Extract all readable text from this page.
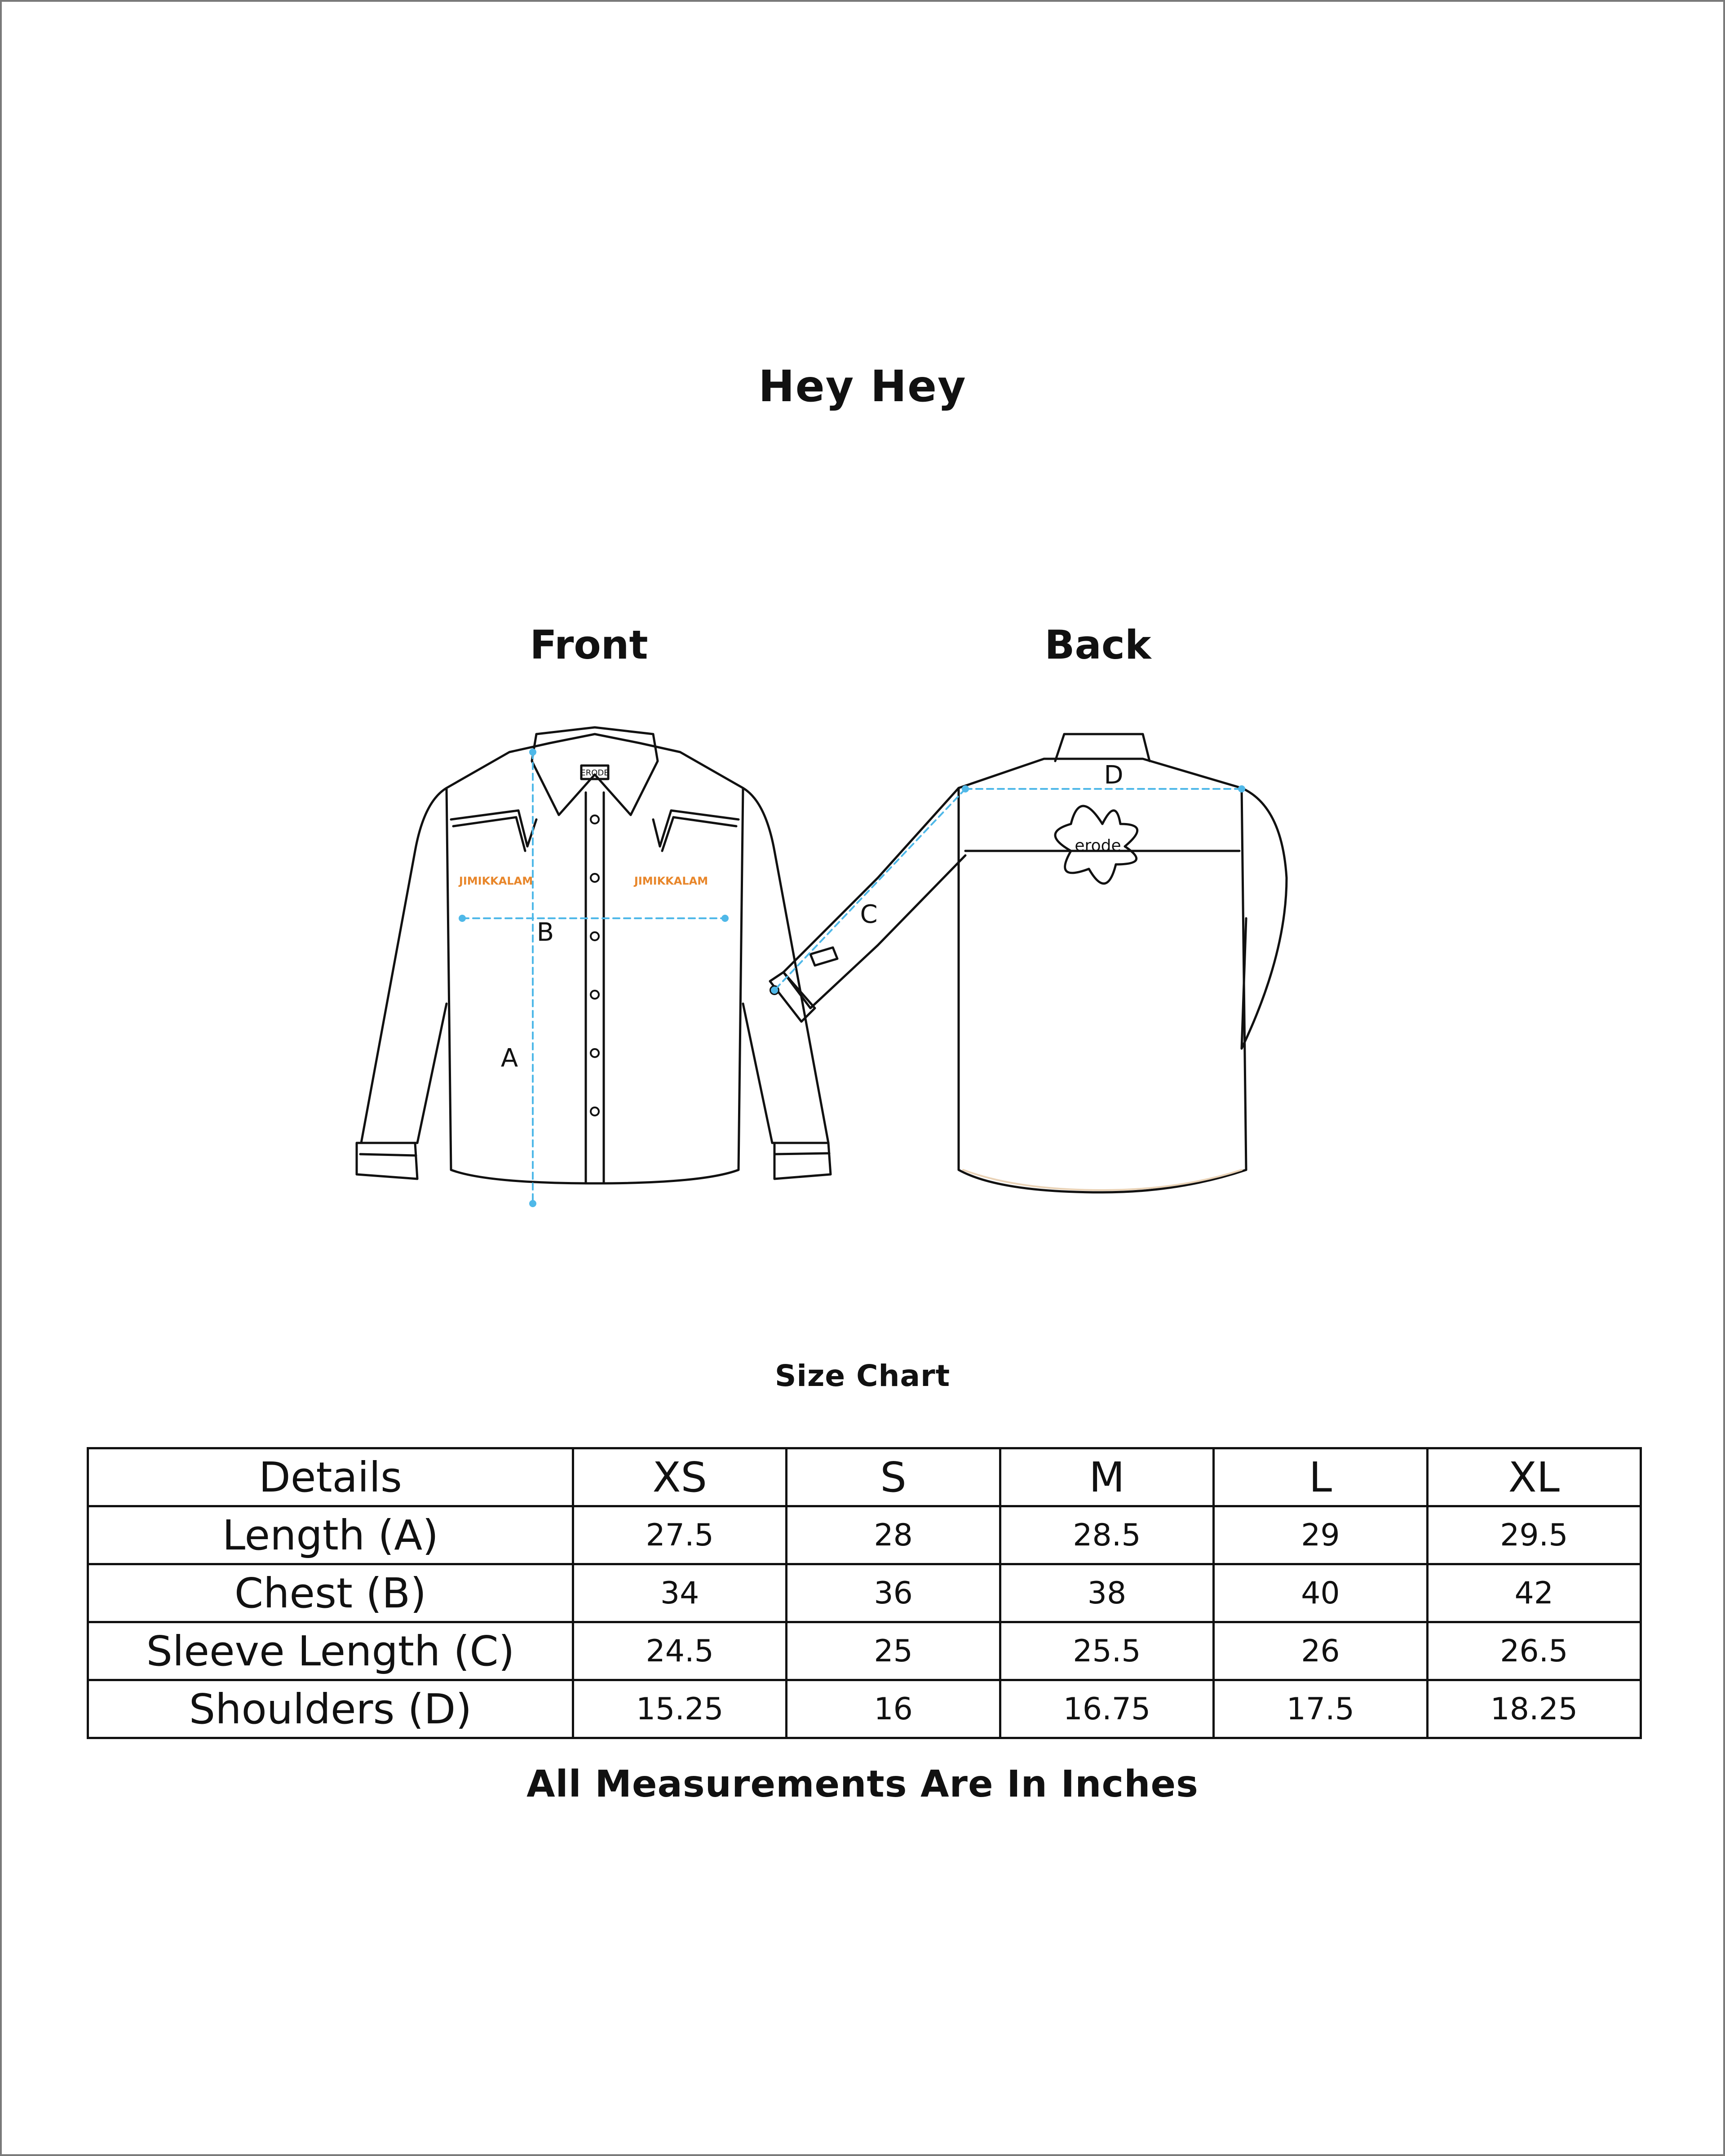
Hey Hey
Front	Back
ERODE
JIMIKKALAM	JIMIKKALAM
B
A
erode
D
C
Size Chart
Details	XS	S	M	L	XL
Length (A)	27.5	28	28.5	29	29.5
Chest (B)	34	36	38	40	42
Sleeve Length (C)	24.5	25	25.5	26	26.5
Shoulders (D)	15.25	16	16.75	17.5	18.25
All Measurements Are In Inches
